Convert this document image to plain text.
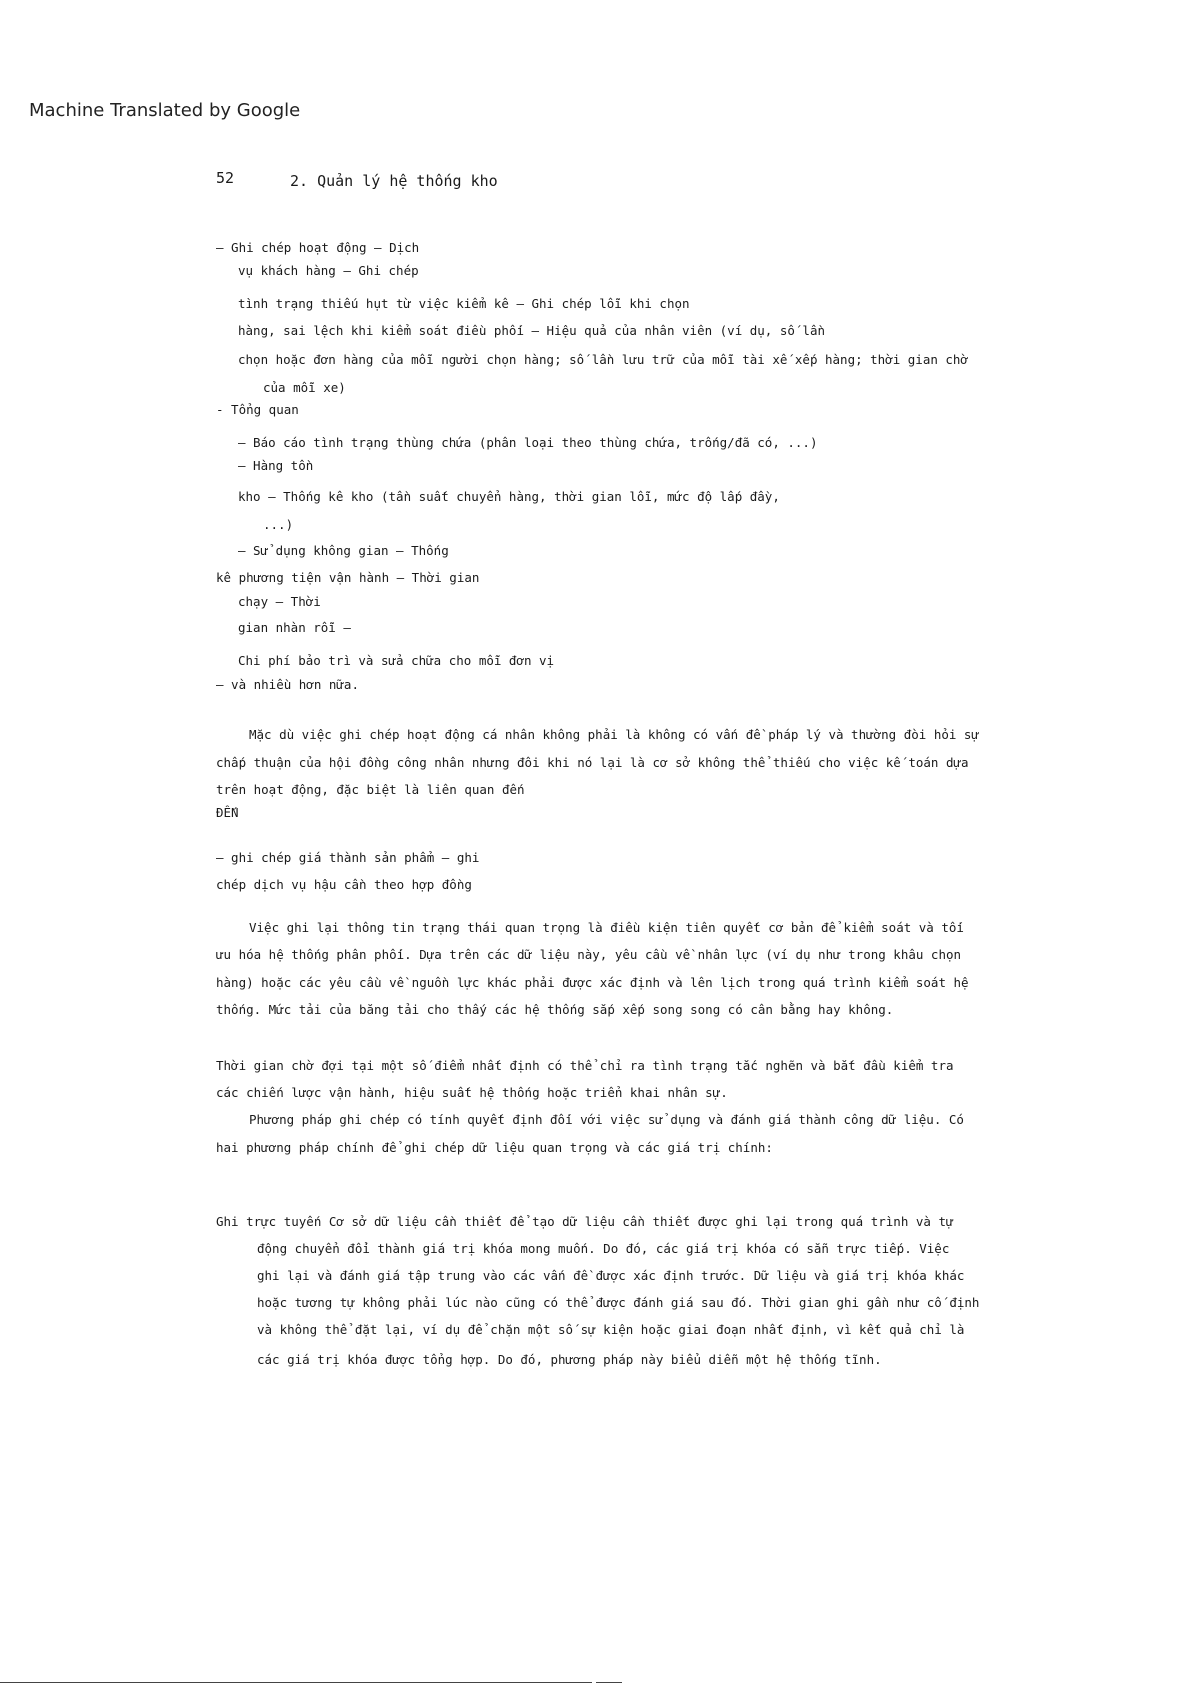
Machine Translated by Google
52	2. Quản lý hệ thống kho
– Ghi chép hoạt động – Dịch
vụ khách hàng – Ghi chép
tình trạng thiếu hụt từ việc kiểm kê – Ghi chép lỗi khi chọn
hàng, sai lệch khi kiểm soát điều phối – Hiệu quả của nhân viên (ví dụ, số lần
chọn hoặc đơn hàng của mỗi người chọn hàng; số lần lưu trữ của mỗi tài xế xếp hàng; thời gian chờ
của mỗi xe)
- Tổng quan
– Báo cáo tình trạng thùng chứa (phân loại theo thùng chứa, trống/đã có, ...)
– Hàng tồn
kho – Thống kê kho (tần suất chuyển hàng, thời gian lỗi, mức độ lấp đầy,
...)
– Sử dụng không gian – Thống
kê phương tiện vận hành – Thời gian
chạy – Thời
gian nhàn rỗi –
Chi phí bảo trì và sửa chữa cho mỗi đơn vị
– và nhiều hơn nữa.
Mặc dù việc ghi chép hoạt động cá nhân không phải là không có vấn đề pháp lý và thường đòi hỏi sự
chấp thuận của hội đồng công nhân nhưng đôi khi nó lại là cơ sở không thể thiếu cho việc kế toán dựa
trên hoạt động, đặc biệt là liên quan đến
ĐẾN
– ghi chép giá thành sản phẩm – ghi
chép dịch vụ hậu cần theo hợp đồng
Việc ghi lại thông tin trạng thái quan trọng là điều kiện tiên quyết cơ bản để kiểm soát và tối
ưu hóa hệ thống phân phối. Dựa trên các dữ liệu này, yêu cầu về nhân lực (ví dụ như trong khâu chọn
hàng) hoặc các yêu cầu về nguồn lực khác phải được xác định và lên lịch trong quá trình kiểm soát hệ
thống. Mức tải của băng tải cho thấy các hệ thống sắp xếp song song có cân bằng hay không.
Thời gian chờ đợi tại một số điểm nhất định có thể chỉ ra tình trạng tắc nghẽn và bắt đầu kiểm tra
các chiến lược vận hành, hiệu suất hệ thống hoặc triển khai nhân sự.
Phương pháp ghi chép có tính quyết định đối với việc sử dụng và đánh giá thành công dữ liệu. Có
hai phương pháp chính để ghi chép dữ liệu quan trọng và các giá trị chính:
Ghi trực tuyến Cơ sở dữ liệu cần thiết để tạo dữ liệu cần thiết được ghi lại trong quá trình và tự
động chuyển đổi thành giá trị khóa mong muốn. Do đó, các giá trị khóa có sẵn trực tiếp. Việc
ghi lại và đánh giá tập trung vào các vấn đề được xác định trước. Dữ liệu và giá trị khóa khác
hoặc tương tự không phải lúc nào cũng có thể được đánh giá sau đó. Thời gian ghi gần như cố định
và không thể đặt lại, ví dụ để chặn một số sự kiện hoặc giai đoạn nhất định, vì kết quả chỉ là
các giá trị khóa được tổng hợp. Do đó, phương pháp này biểu diễn một hệ thống tĩnh.
